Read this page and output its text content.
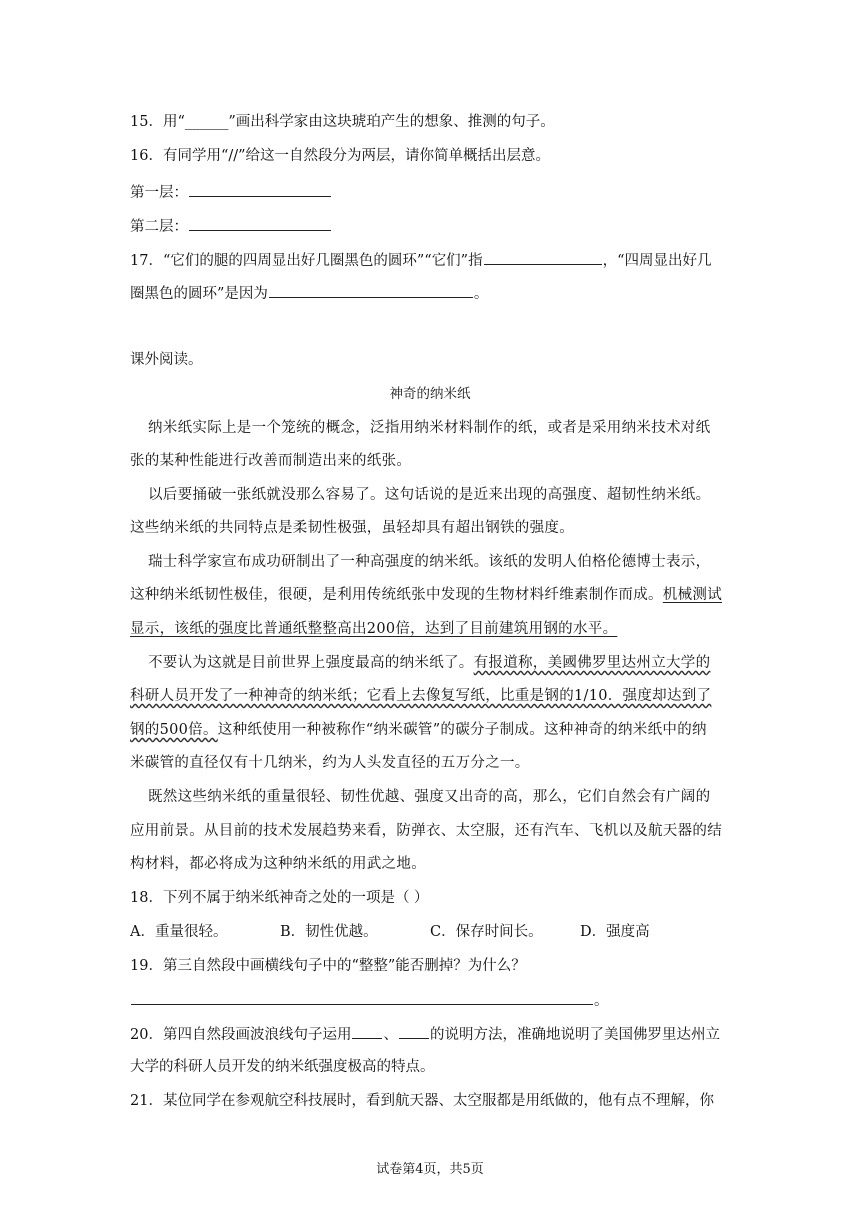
15．用“______”画出科学家由这块琥珀产生的想象、推测的句子。
16．有同学用“//”给这一自然段分为两层，请你简单概括出层意。
第一层：
第二层：
17．“它们的腿的四周显出好几圈黑色的圆环”“它们”指	，“四周显出好几
圈黑色的圆环”是因为	。
课外阅读。
神奇的纳米纸
纳米纸实际上是一个笼统的概念，泛指用纳米材料制作的纸，或者是采用纳米技术对纸
张的某种性能进行改善而制造出来的纸张。
以后要捅破一张纸就没那么容易了。这句话说的是近来出现的高强度、超韧性纳米纸。
这些纳米纸的共同特点是柔韧性极强，虽轻却具有超出钢铁的强度。
瑞士科学家宣布成功研制出了一种高强度的纳米纸。该纸的发明人伯格伦德博士表示，
这种纳米纸韧性极佳，很硬，是利用传统纸张中发现的生物材料纤维素制作而成。机械测试
显示，该纸的强度比普通纸整整高出200倍，达到了目前建筑用钢的水平。
不要认为这就是目前世界上强度最高的纳米纸了。有报道称，美國佛罗里达州立大学的
科研人员开发了一种神奇的纳米纸；它看上去像复写纸，比重是钢的1/10．强度却达到了
钢的500倍。这种纸使用一种被称作“纳米碳管”的碳分子制成。这种神奇的纳米纸中的纳
米碳管的直径仅有十几纳米，约为人头发直径的五万分之一。
既然这些纳米纸的重量很轻、韧性优越、强度又出奇的高，那么，它们自然会有广阔的
应用前景。从目前的技术发展趋势来看，防弹衣、太空服，还有汽车、飞机以及航天器的结
构材料，都必将成为这种纳米纸的用武之地。
18．下列不属于纳米纸神奇之处的一项是（ ）
A．重量很轻。	B．韧性优越。	C．保存时间长。	D．强度高
19．第三自然段中画横线句子中的“整整”能否删掉？为什么？
。
20．第四自然段画波浪线句子运用 、 的说明方法，准确地说明了美国佛罗里达州立
大学的科研人员开发的纳米纸强度极高的特点。
21．某位同学在参观航空科技展时，看到航天器、太空服都是用纸做的，他有点不理解，你
试卷第4页，共5页
